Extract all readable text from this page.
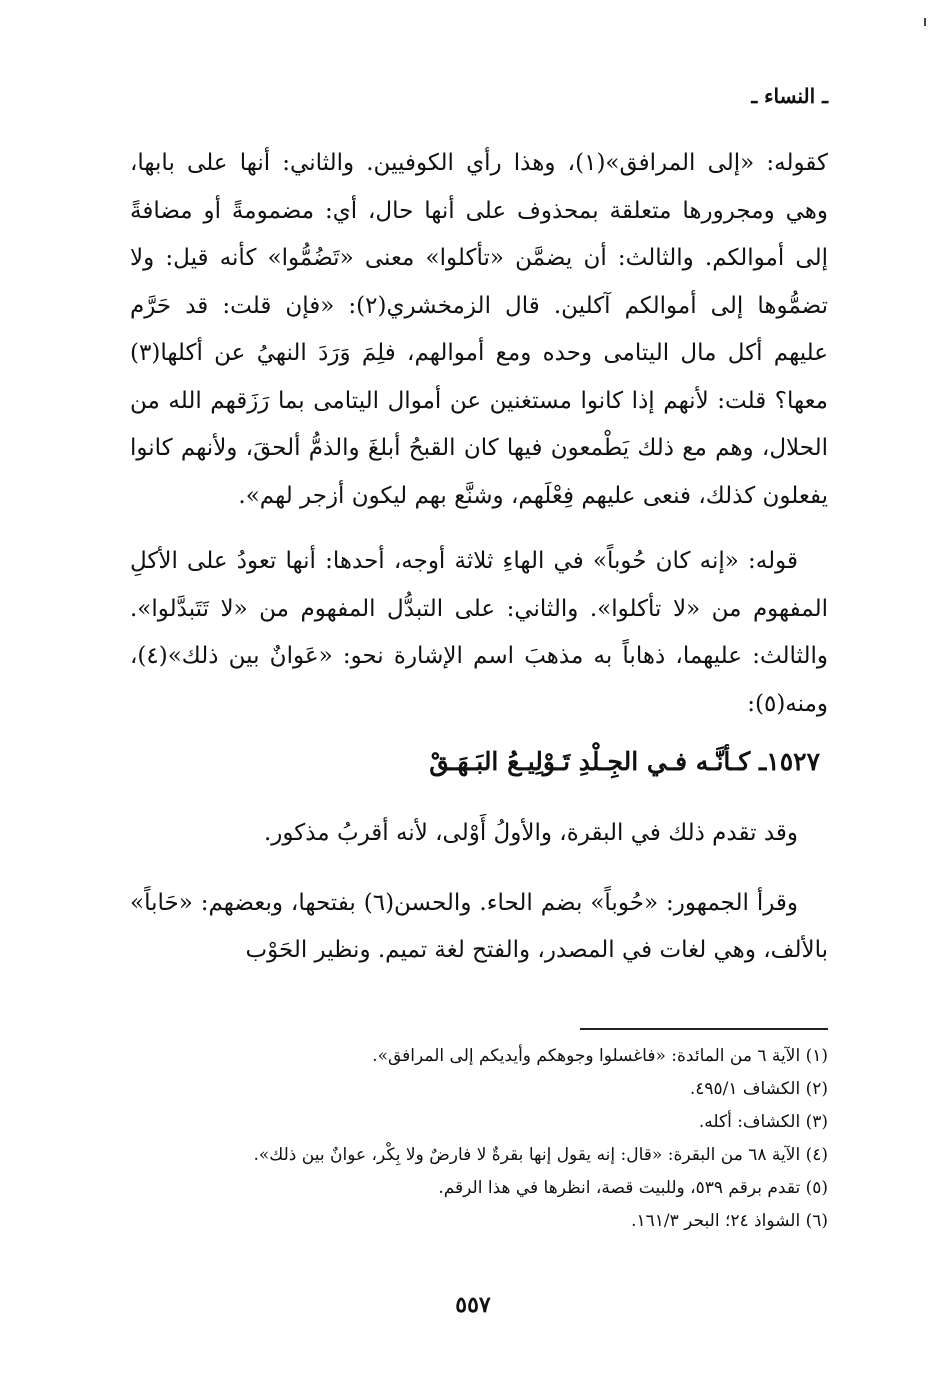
ـ النساء ـ

كقوله: «إلى المرافق»(١)، وهذا رأي الكوفيين. والثاني: أنها على بابها، وهي ومجرورها متعلقة بمحذوف على أنها حال، أي: مضمومةً أو مضافةً إلى أموالكم. والثالث: أن يضمَّن «تأكلوا» معنى «تَضُمُّوا» كأنه قيل: ولا تضمُّوها إلى أموالكم آكلين. قال الزمخشري(٢): «فإن قلت: قد حَرَّم عليهم أكل مال اليتامى وحده ومع أموالهم، فلِمَ وَرَدَ النهيُ عن أكلها(٣) معها؟ قلت: لأنهم إذا كانوا مستغنين عن أموال اليتامى بما رَزَقهم الله من الحلال، وهم مع ذلك يَطْمعون فيها كان القبحُ أبلغَ والذمُّ ألحقَ، ولأنهم كانوا يفعلون كذلك، فنعى عليهم فِعْلَهم، وشنَّع بهم ليكون أزجر لهم».

قوله: «إنه كان حُوباً» في الهاءِ ثلاثة أوجه، أحدها: أنها تعودُ على الأكلِ المفهوم من «لا تأكلوا». والثاني: على التبدُّل المفهوم من «لا تَتَبدَّلوا». والثالث: عليهما، ذهاباً به مذهبَ اسم الإشارة نحو: «عَوانٌ بين ذلك»(٤)، ومنه(٥):

١٥٢٧ـ كـأنَّـه فـي الجِـلْدِ تَـوْلِيـعُ البَـهَـقْ

وقد تقدم ذلك في البقرة، والأولُ أَوْلى، لأنه أقربُ مذكور.

وقرأ الجمهور: «حُوباً» بضم الحاء. والحسن(٦) بفتحها، وبعضهم: «حَاباً» بالألف، وهي لغات في المصدر، والفتح لغة تميم. ونظير الحَوْب

(١) الآية ٦ من المائدة: «فاغسلوا وجوهكم وأيديكم إلى المرافق».

(٢) الكشاف ٤٩٥/١.

(٣) الكشاف: أكله.

(٤) الآية ٦٨ من البقرة: «قال: إنه يقول إنها بقرةٌ لا فارضٌ ولا بِكْر، عوانٌ بين ذلك».

(٥) تقدم برقم ٥٣٩، وللبيت قصة، انظرها في هذا الرقم.

(٦) الشواذ ٢٤؛ البحر ١٦١/٣.

٥٥٧
